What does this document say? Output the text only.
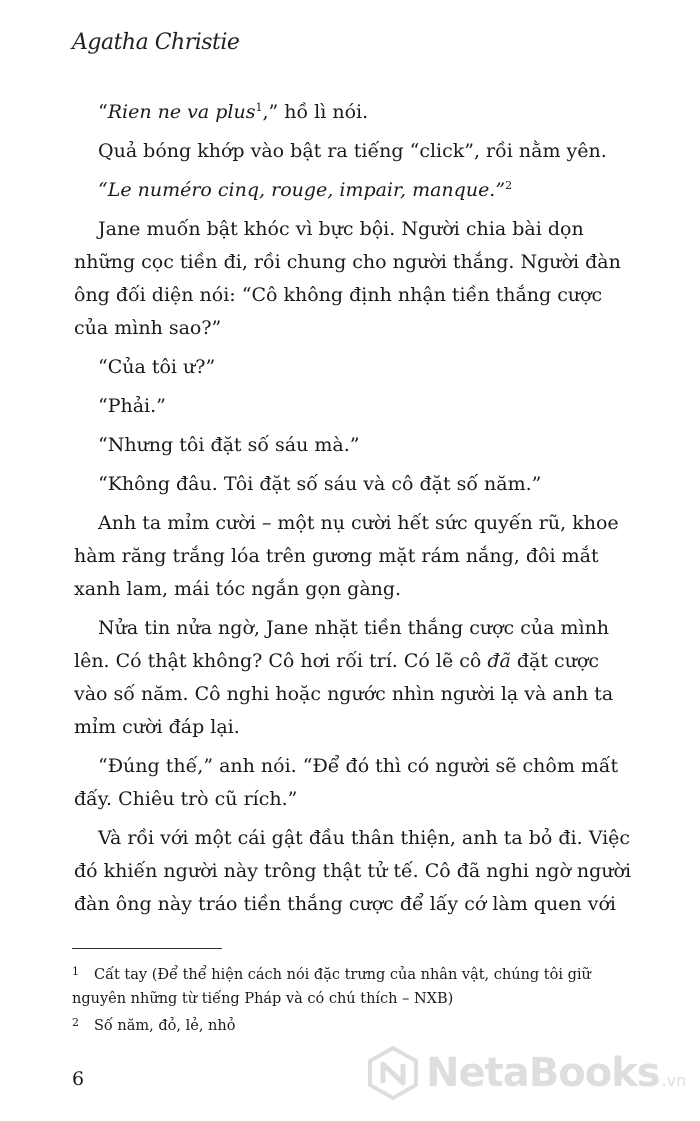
Agatha Christie
“Rien ne va plus$^1$,” hồ lì nói.
Quả bóng khớp vào bật ra tiếng “click”, rồi nằm yên.
“Le numéro cinq, rouge, impair, manque.”$^2$
Jane muốn bật khóc vì bực bội. Người chia bài dọn
những cọc tiền đi, rồi chung cho người thắng. Người đàn
ông đối diện nói: “Cô không định nhận tiền thắng cược
của mình sao?”
“Của tôi ư?”
“Phải.”
“Nhưng tôi đặt số sáu mà.”
“Không đâu. Tôi đặt số sáu và cô đặt số năm.”
Anh ta mỉm cười – một nụ cười hết sức quyến rũ, khoe
hàm răng trắng lóa trên gương mặt rám nắng, đôi mắt
xanh lam, mái tóc ngắn gọn gàng.
Nửa tin nửa ngờ, Jane nhặt tiền thắng cược của mình
lên. Có thật không? Cô hơi rối trí. Có lẽ cô đã đặt cược
vào số năm. Cô nghi hoặc ngước nhìn người lạ và anh ta
mỉm cười đáp lại.
“Đúng thế,” anh nói. “Để đó thì có người sẽ chôm mất
đấy. Chiêu trò cũ rích.”
Và rồi với một cái gật đầu thân thiện, anh ta bỏ đi. Việc
đó khiến người này trông thật tử tế. Cô đã nghi ngờ người
đàn ông này tráo tiền thắng cược để lấy cớ làm quen với
1 Cất tay (Để thể hiện cách nói đặc trưng của nhân vật, chúng tôi giữ
nguyên những từ tiếng Pháp và có chú thích – NXB)
2 Số năm, đỏ, lẻ, nhỏ
6	NetaBooks .vn
